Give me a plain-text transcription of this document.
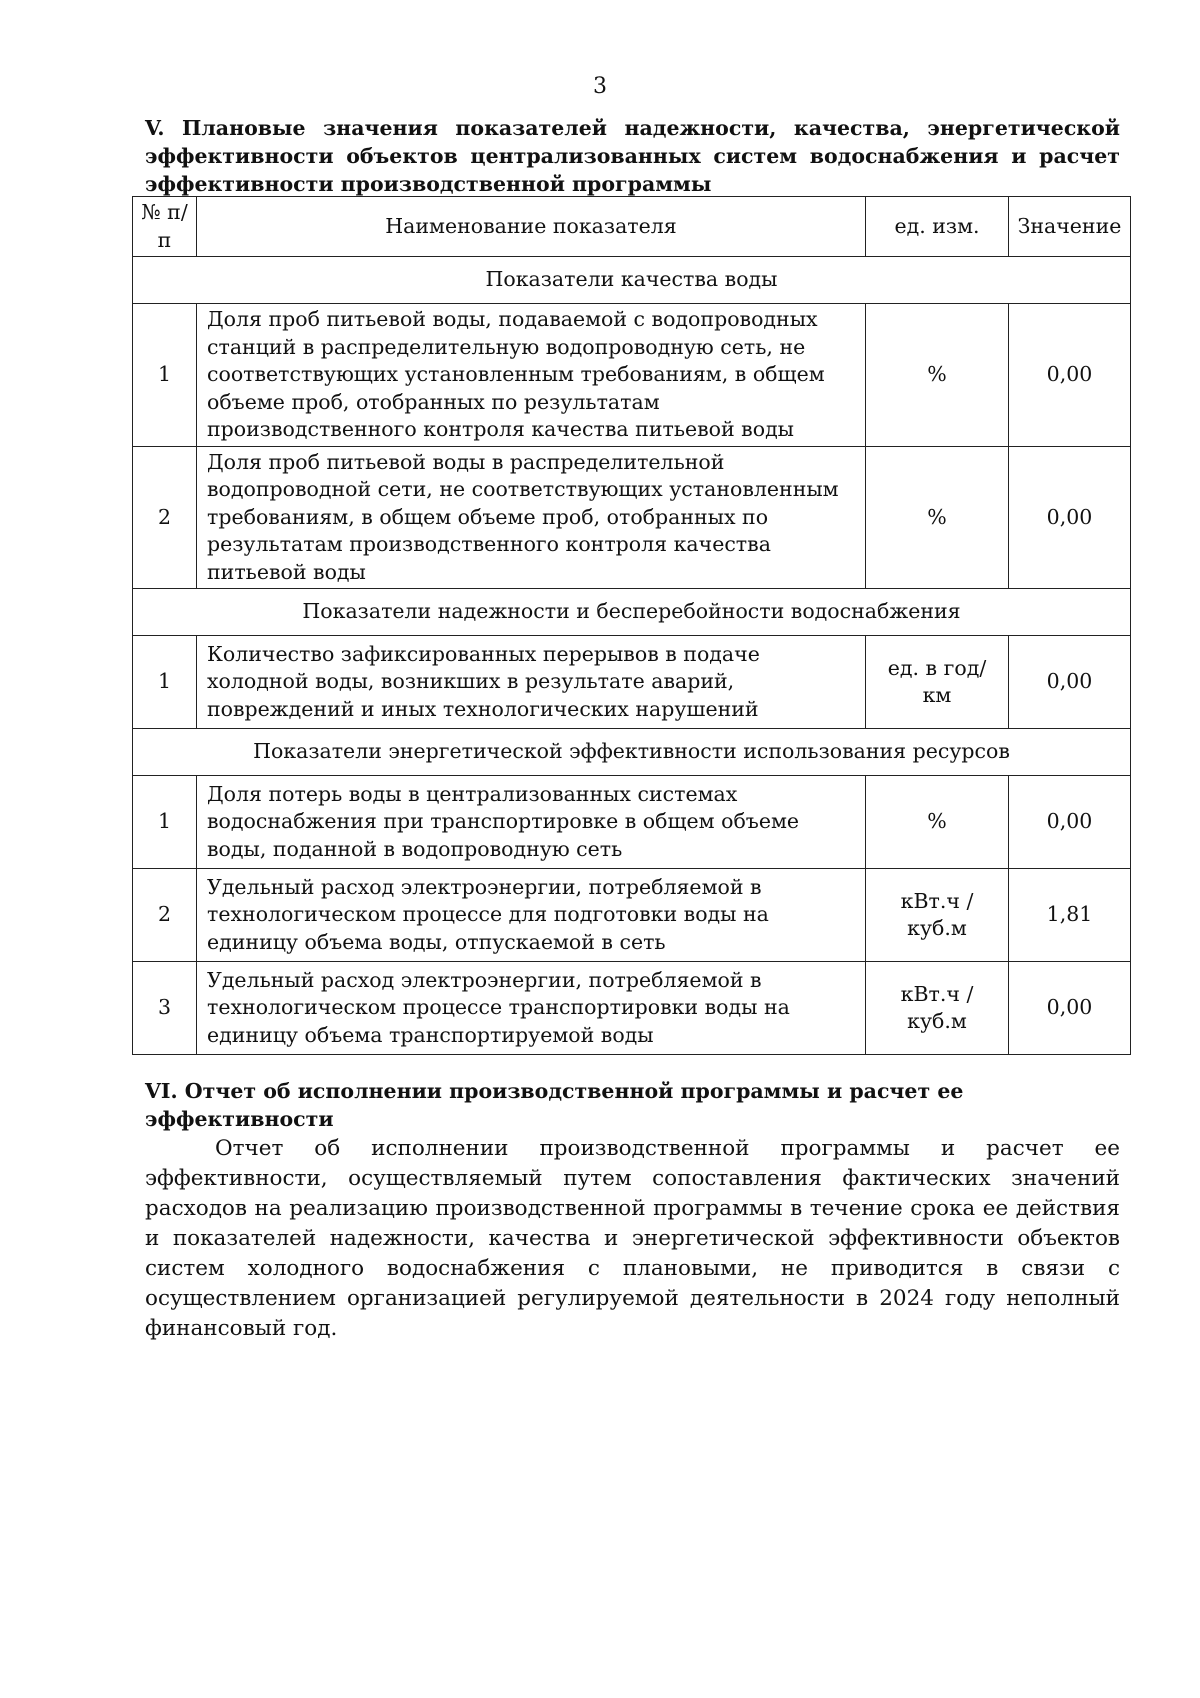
3
V. Плановые значения показателей надежности, качества, энергетической эффективности объектов централизованных систем водоснабжения и расчет эффективности производственной программы
№ п/п	Наименование показателя	ед. изм.	Значение
Показатели качества воды			
1	Доля проб питьевой воды, подаваемой с водопроводных станций в распределительную водопроводную сеть, не соответствующих установленным требованиям, в общем объеме проб, отобранных по результатам производственного контроля качества питьевой воды	%	0,00
2	Доля проб питьевой воды в распределительной водопроводной сети, не соответствующих установленным требованиям, в общем объеме проб, отобранных по результатам производственного контроля качества питьевой воды	%	0,00
Показатели надежности и бесперебойности водоснабжения			
1	Количество зафиксированных перерывов в подаче холодной воды, возникших в результате аварий, повреждений и иных технологических нарушений	ед. в год/ км	0,00
Показатели энергетической эффективности использования ресурсов			
1	Доля потерь воды в централизованных системах водоснабжения при транспортировке в общем объеме воды, поданной в водопроводную сеть	%	0,00
2	Удельный расход электроэнергии, потребляемой в технологическом процессе для подготовки воды на единицу объема воды, отпускаемой в сеть	кВт.ч / куб.м	1,81
3	Удельный расход электроэнергии, потребляемой в технологическом процессе транспортировки воды на единицу объема транспортируемой воды	кВт.ч / куб.м	0,00
VI. Отчет об исполнении производственной программы и расчет ее эффективности

Отчет об исполнении производственной программы и расчет ее эффективности, осуществляемый путем сопоставления фактических значений расходов на реализацию производственной программы в течение срока ее действия и показателей надежности, качества и энергетической эффективности объектов систем холодного водоснабжения с плановыми, не приводится в связи с осуществлением организацией регулируемой деятельности в 2024 году неполный финансовый год.
